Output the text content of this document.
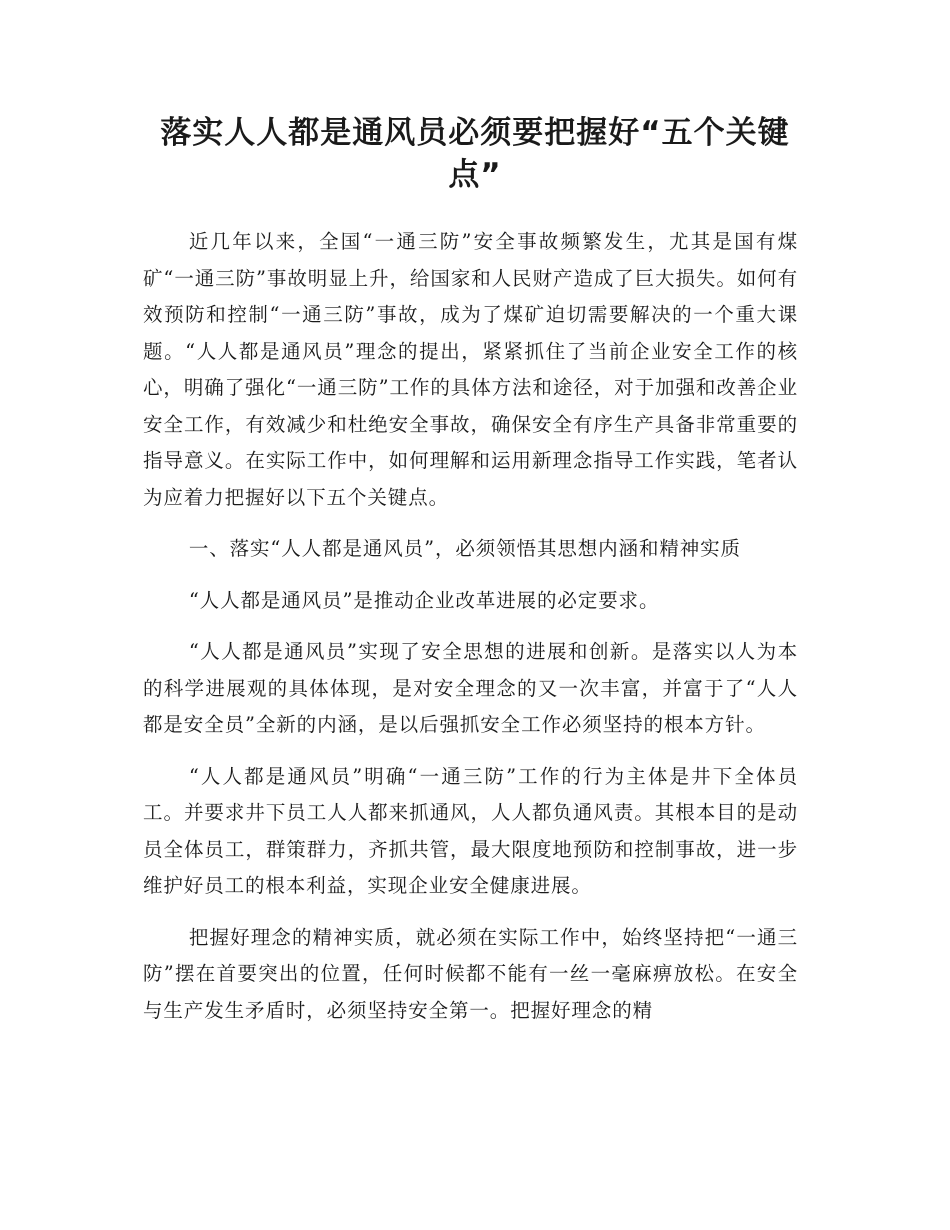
落实人人都是通风员必须要把握好“五个关键点”

近几年以来，全国“一通三防”安全事故频繁发生，尤其是国有煤矿“一通三防”事故明显上升，给国家和人民财产造成了巨大损失。如何有效预防和控制“一通三防”事故，成为了煤矿迫切需要解决的一个重大课题。“人人都是通风员”理念的提出，紧紧抓住了当前企业安全工作的核心，明确了强化“一通三防”工作的具体方法和途径，对于加强和改善企业安全工作，有效减少和杜绝安全事故，确保安全有序生产具备非常重要的指导意义。在实际工作中，如何理解和运用新理念指导工作实践，笔者认为应着力把握好以下五个关键点。

一、落实“人人都是通风员”，必须领悟其思想内涵和精神实质

“人人都是通风员”是推动企业改革进展的必定要求。

“人人都是通风员”实现了安全思想的进展和创新。是落实以人为本的科学进展观的具体体现，是对安全理念的又一次丰富，并富于了“人人都是安全员”全新的内涵，是以后强抓安全工作必须坚持的根本方针。

“人人都是通风员”明确“一通三防”工作的行为主体是井下全体员工。并要求井下员工人人都来抓通风，人人都负通风责。其根本目的是动员全体员工，群策群力，齐抓共管，最大限度地预防和控制事故，进一步维护好员工的根本利益，实现企业安全健康进展。

把握好理念的精神实质，就必须在实际工作中，始终坚持把“一通三防”摆在首要突出的位置，任何时候都不能有一丝一毫麻痹放松。在安全与生产发生矛盾时，必须坚持安全第一。把握好理念的精
